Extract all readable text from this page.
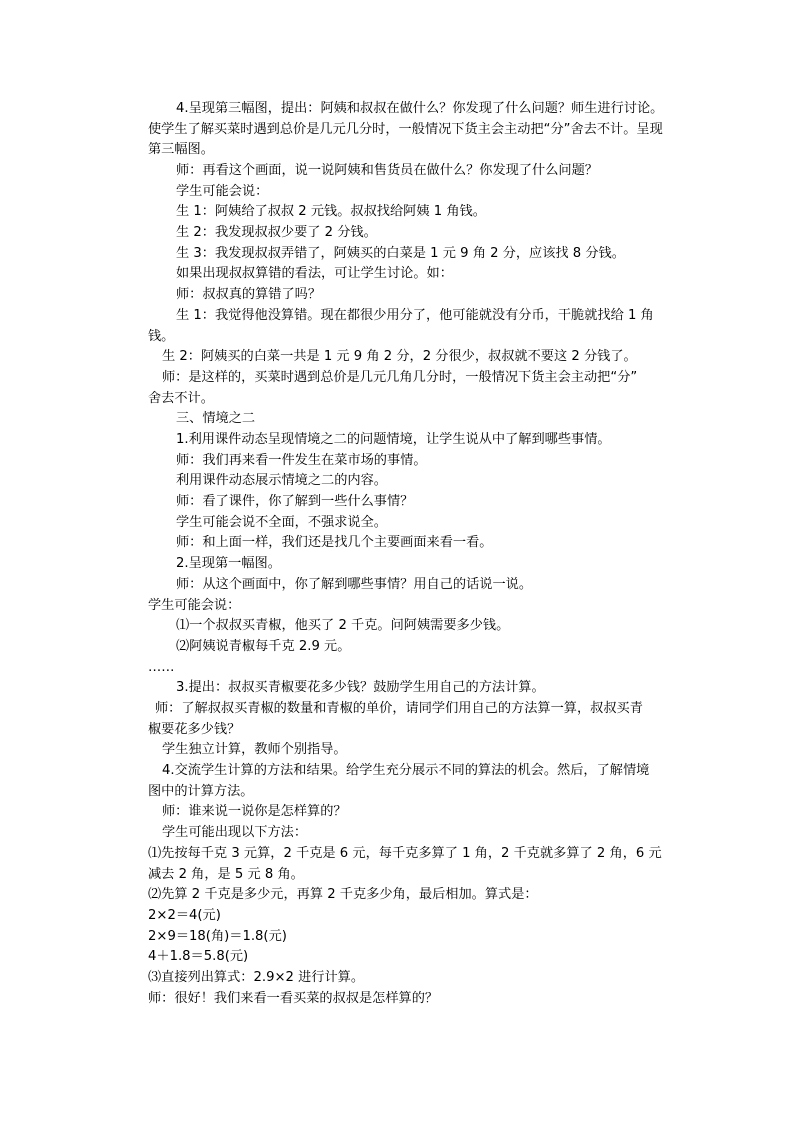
4.呈现第三幅图，提出：阿姨和叔叔在做什么？你发现了什么问题？师生进行讨论。
使学生了解买菜时遇到总价是几元几分时，一般情况下货主会主动把“分”舍去不计。呈现
第三幅图。
师：再看这个画面，说一说阿姨和售货员在做什么？你发现了什么问题？
学生可能会说：
生 1：阿姨给了叔叔 2 元钱。叔叔找给阿姨 1 角钱。
生 2：我发现叔叔少要了 2 分钱。
生 3：我发现叔叔弄错了，阿姨买的白菜是 1 元 9 角 2 分，应该找 8 分钱。
如果出现叔叔算错的看法，可让学生讨论。如：
师：叔叔真的算错了吗？
生 1：我觉得他没算错。现在都很少用分了，他可能就没有分币，干脆就找给 1 角
钱。
生 2：阿姨买的白菜一共是 1 元 9 角 2 分，2 分很少，叔叔就不要这 2 分钱了。
师：是这样的，买菜时遇到总价是几元几角几分时，一般情况下货主会主动把“分”
舍去不计。
三、情境之二
1.利用课件动态呈现情境之二的问题情境，让学生说从中了解到哪些事情。
师：我们再来看一件发生在菜市场的事情。
利用课件动态展示情境之二的内容。
师：看了课件，你了解到一些什么事情？
学生可能会说不全面，不强求说全。
师：和上面一样，我们还是找几个主要画面来看一看。
2.呈现第一幅图。
师：从这个画面中，你了解到哪些事情？用自己的话说一说。
学生可能会说：
⑴一个叔叔买青椒，他买了 2 千克。问阿姨需要多少钱。
⑵阿姨说青椒每千克 2.9 元。
……
3.提出：叔叔买青椒要花多少钱？鼓励学生用自己的方法计算。
师：了解叔叔买青椒的数量和青椒的单价，请同学们用自己的方法算一算，叔叔买青
椒要花多少钱？
学生独立计算，教师个别指导。
4.交流学生计算的方法和结果。给学生充分展示不同的算法的机会。然后，了解情境
图中的计算方法。
师：谁来说一说你是怎样算的？
学生可能出现以下方法：
⑴先按每千克 3 元算，2 千克是 6 元，每千克多算了 1 角，2 千克就多算了 2 角，6 元
减去 2 角，是 5 元 8 角。
⑵先算 2 千克是多少元，再算 2 千克多少角，最后相加。算式是：
2×2＝4(元)
2×9＝18(角)＝1.8(元)
4＋1.8＝5.8(元)
⑶直接列出算式：2.9×2 进行计算。
师：很好！我们来看一看买菜的叔叔是怎样算的？
